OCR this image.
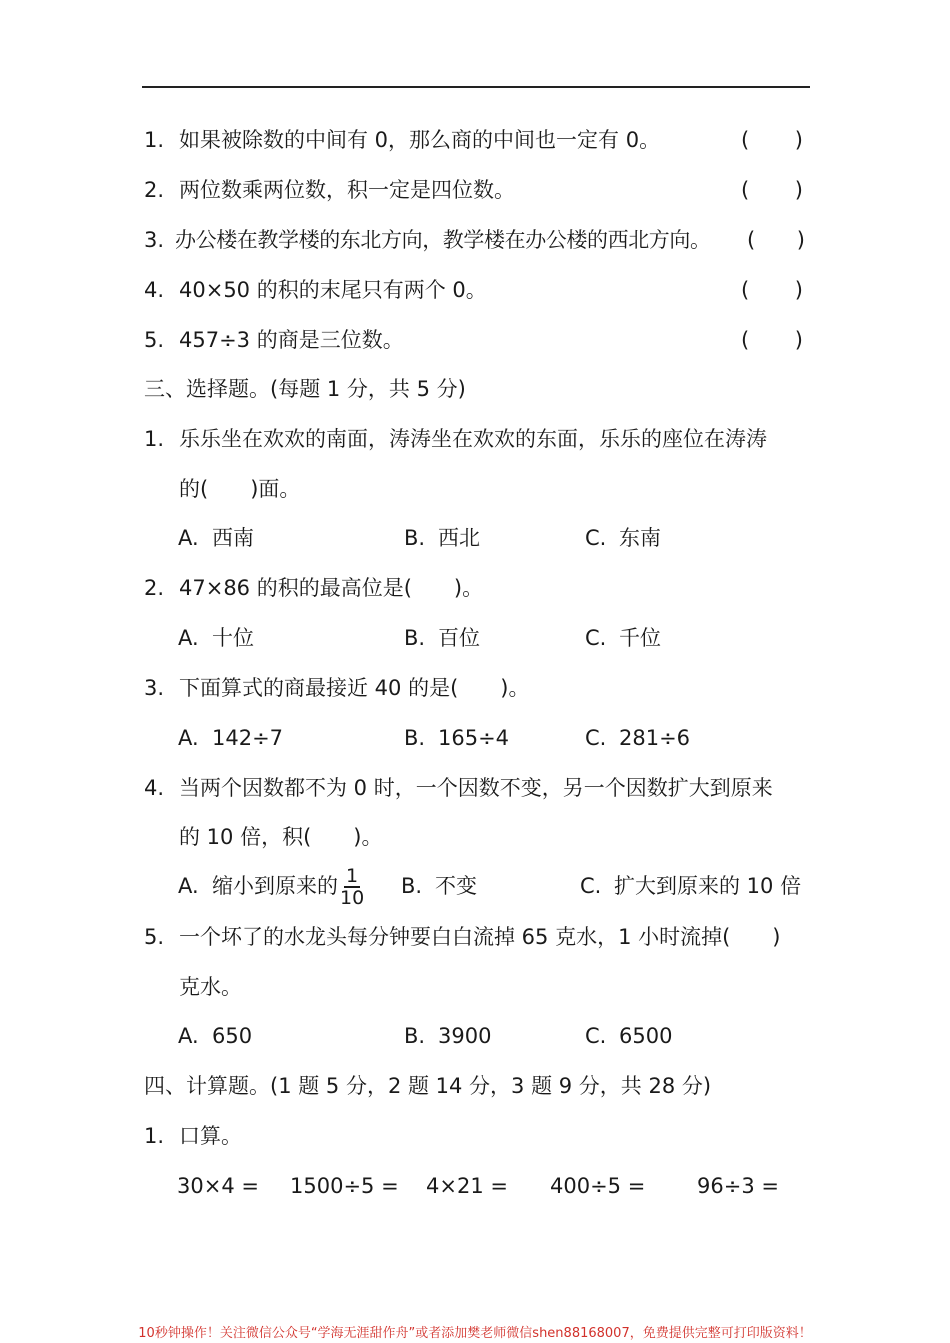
1. 如果被除数的中间有 0，那么商的中间也一定有 0。	( )
2. 两位数乘两位数，积一定是四位数。	( )
3. 办公楼在教学楼的东北方向，教学楼在办公楼的西北方向。 ( )
4. 40×50 的积的末尾只有两个 0。	( )
5. 457÷3 的商是三位数。	( )
三、选择题。(每题 1 分，共 5 分)
1. 乐乐坐在欢欢的南面，涛涛坐在欢欢的东面，乐乐的座位在涛涛
的(　　)面。
A. 西南	B. 西北	C. 东南
2. 47×86 的积的最高位是(　　)。
A. 十位	B. 百位	C. 千位
3. 下面算式的商最接近 40 的是(　　)。
A. 142÷7	B. 165÷4	C. 281÷6
4. 当两个因数都不为 0 时，一个因数不变，另一个因数扩大到原来
的 10 倍，积(　　)。
A. 缩小到原来的 $\frac{1}{10} B$. 不变	C. 扩大到原来的 10 倍
5. 一个坏了的水龙头每分钟要白白流掉 65 克水，1 小时流掉(　　)
克水。
A. 650	B. 3900	C. 6500
四、计算题。(1 题 5 分，2 题 14 分，3 题 9 分，共 28 分)
1. 口算。
30×4 = 1500÷5 = 4×21 = 400÷5 = 96÷3 =
10秒钟操作！关注微信公众号“学海无涯甜作舟”或者添加樊老师微信shen88168007，免费提供完整可打印版资料！
